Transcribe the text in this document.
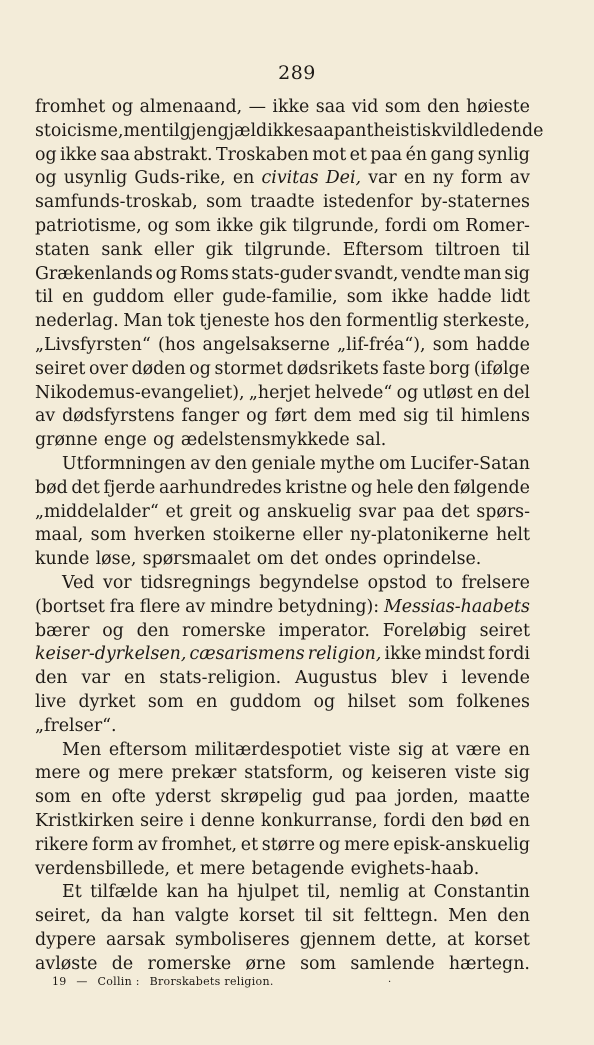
289
fromhet og almenaand, — ikke saa vid som den høieste
stoicisme, men til gjengjæld ikke saa pantheistisk vildledende
og ikke saa abstrakt. Troskaben mot et paa én gang synlig
og usynlig Guds-rike, en civitas Dei, var en ny form av
samfunds-troskab, som traadte istedenfor by-staternes
patriotisme, og som ikke gik tilgrunde, fordi om Romer-
staten sank eller gik tilgrunde. Eftersom tiltroen til
Grækenlands og Roms stats-guder svandt, vendte man sig
til en guddom eller gude-familie, som ikke hadde lidt
nederlag. Man tok tjeneste hos den formentlig sterkeste,
„Livsfyrsten“ (hos angelsakserne „lif-fréa“), som hadde
seiret over døden og stormet dødsrikets faste borg (ifølge
Nikodemus-evangeliet), „herjet helvede“ og utløst en del
av dødsfyrstens fanger og ført dem med sig til himlens
grønne enge og ædelstensmykkede sal.
Utformningen av den geniale mythe om Lucifer-Satan
bød det fjerde aarhundredes kristne og hele den følgende
„middelalder“ et greit og anskuelig svar paa det spørs-
maal, som hverken stoikerne eller ny-platonikerne helt
kunde løse, spørsmaalet om det ondes oprindelse.
Ved vor tidsregnings begyndelse opstod to frelsere
(bortset fra flere av mindre betydning): Messias-haabets
bærer og den romerske imperator. Foreløbig seiret
keiser-dyrkelsen, cæsarismens religion, ikke mindst fordi
den var en stats-religion. Augustus blev i levende
live dyrket som en guddom og hilset som folkenes
„frelser“.
Men eftersom militærdespotiet viste sig at være en
mere og mere prekær statsform, og keiseren viste sig
som en ofte yderst skrøpelig gud paa jorden, maatte
Kristkirken seire i denne konkurranse, fordi den bød en
rikere form av fromhet, et større og mere episk-anskuelig
verdensbillede, et mere betagende evighets-haab.
Et tilfælde kan ha hjulpet til, nemlig at Constantin
seiret, da han valgte korset til sit felttegn. Men den
dypere aarsak symboliseres gjennem dette, at korset
avløste de romerske ørne som samlende hærtegn.
19 — Collin : Brorskabets religion.	·
